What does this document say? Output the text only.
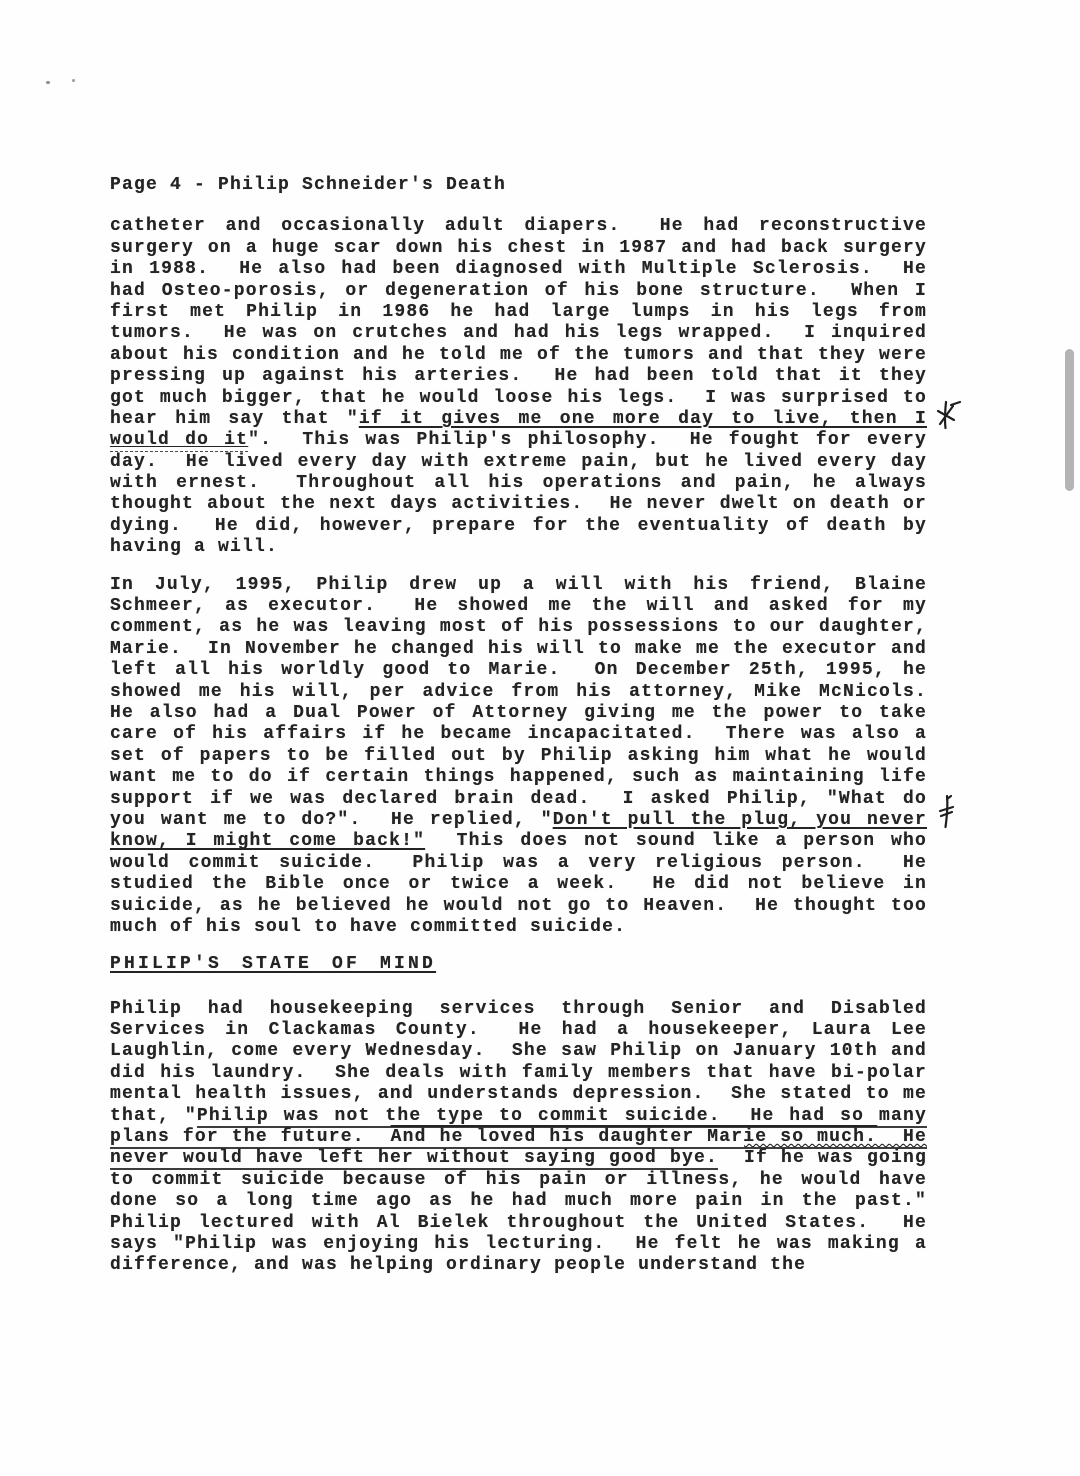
Page 4 - Philip Schneider's Death
catheter and occasionally adult diapers.  He had reconstructive
surgery on a huge scar down his chest in 1987 and had back surgery
in 1988.  He also had been diagnosed with Multiple Sclerosis.  He
had Osteo-porosis, or degeneration of his bone structure.  When I
first met Philip in 1986 he had large lumps in his legs from
tumors.  He was on crutches and had his legs wrapped.  I inquired
about his condition and he told me of the tumors and that they were
pressing up against his arteries.  He had been told that it they
got much bigger, that he would loose his legs.  I was surprised to
hear him say that "if it gives me one more day to live, then I
would do it".  This was Philip's philosophy.  He fought for every
day.  He lived every day with extreme pain, but he lived every day
with ernest.  Throughout all his operations and pain, he always
thought about the next days activities.  He never dwelt on death or
dying.  He did, however, prepare for the eventuality of death by
having a will.
In July, 1995, Philip drew up a will with his friend, Blaine
Schmeer, as executor.  He showed me the will and asked for my
comment, as he was leaving most of his possessions to our daughter,
Marie.  In November he changed his will to make me the executor and
left all his worldly good to Marie.  On December 25th, 1995, he
showed me his will, per advice from his attorney, Mike McNicols.
He also had a Dual Power of Attorney giving me the power to take
care of his affairs if he became incapacitated.  There was also a
set of papers to be filled out by Philip asking him what he would
want me to do if certain things happened, such as maintaining life
support if we was declared brain dead.  I asked Philip, "What do
you want me to do?".  He replied, "Don't pull the plug, you never
know, I might come back!"  This does not sound like a person who
would commit suicide.  Philip was a very religious person.  He
studied the Bible once or twice a week.  He did not believe in
suicide, as he believed he would not go to Heaven.  He thought too
much of his soul to have committed suicide.
PHILIP'S STATE OF MIND
Philip had housekeeping services through Senior and Disabled
Services in Clackamas County.  He had a housekeeper, Laura Lee
Laughlin, come every Wednesday.  She saw Philip on January 10th and
did his laundry.  She deals with family members that have bi-polar
mental health issues, and understands depression.  She stated to me
that, "Philip was not the type to commit suicide.  He had so many
plans for the future.  And he loved his daughter Marie so much.  He
never would have left her without saying good bye. If he was going
to commit suicide because of his pain or illness, he would have
done so a long time ago as he had much more pain in the past."
Philip lectured with Al Bielek throughout the United States.  He
says "Philip was enjoying his lecturing.  He felt he was making a
difference, and was helping ordinary people understand the
